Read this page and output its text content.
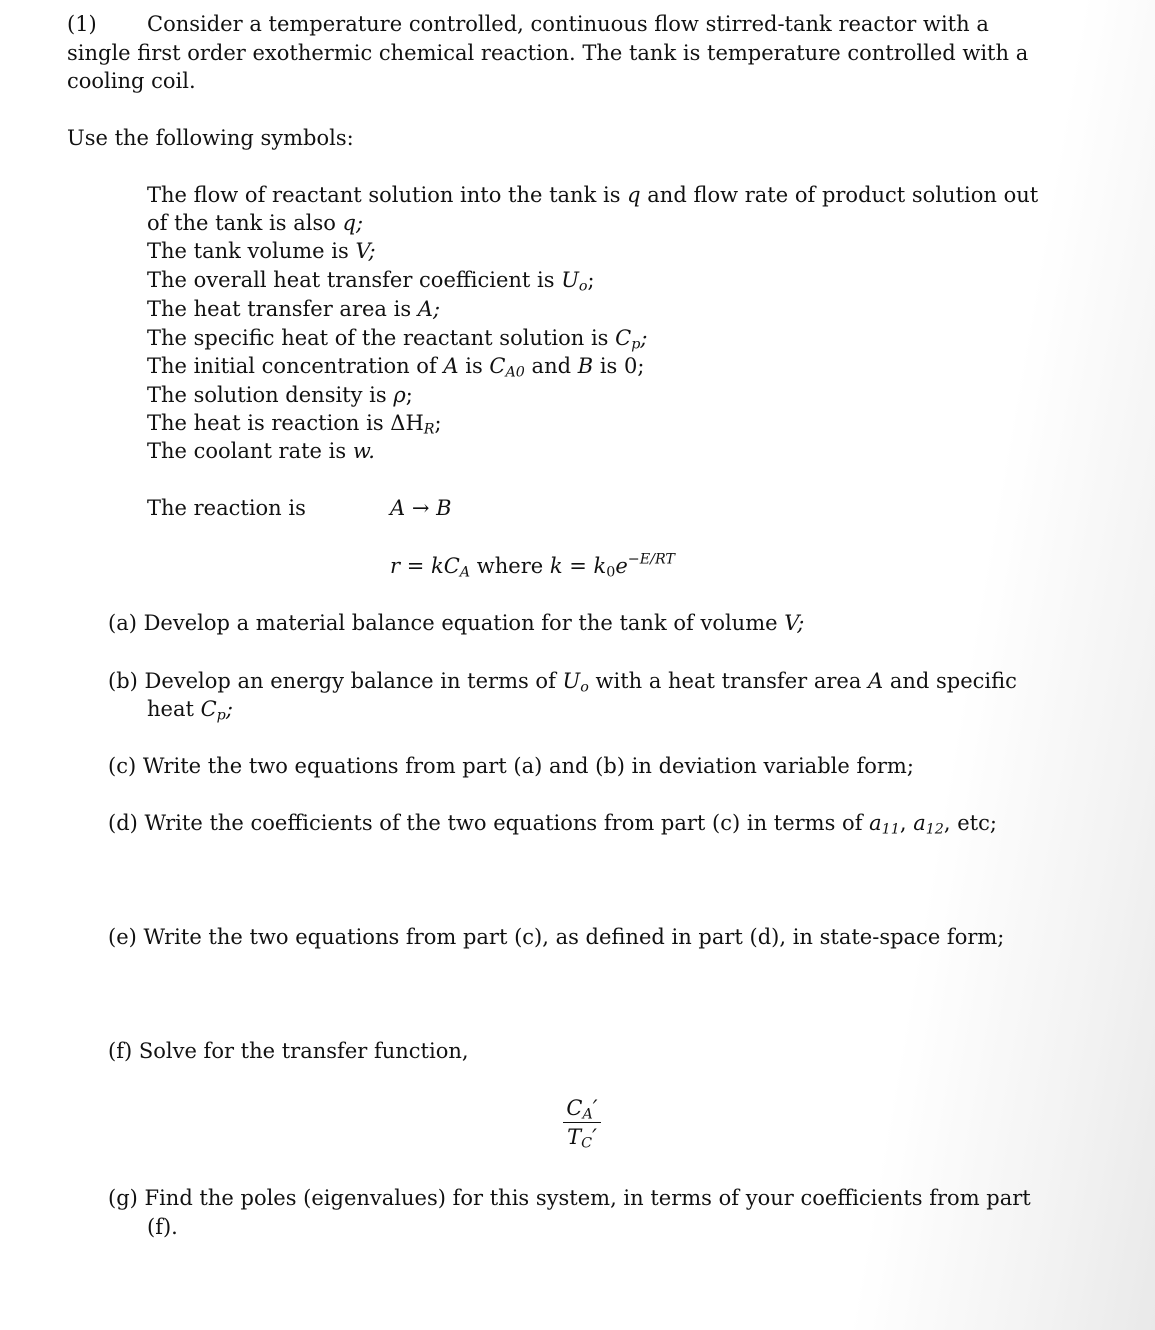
(1) Consider a temperature controlled, continuous flow stirred-tank reactor with a
single first order exothermic chemical reaction. The tank is temperature controlled with a
cooling coil.
Use the following symbols:
The flow of reactant solution into the tank is q and flow rate of product solution out
of the tank is also q;
The tank volume is V;
The overall heat transfer coefficient is $U_o$;
The heat transfer area is A;
The specific heat of the reactant solution is $C_p$;
The initial concentration of A is $C_{A0}$ and B is 0;
The solution density is ρ;
The heat is reaction is $\Delta H_R$;
The coolant rate is w.
The reaction is	A → B
$r = kC_A$ where $k = k_0e^{-E/RT}$
(a) Develop a material balance equation for the tank of volume V;
(b) Develop an energy balance in terms of $U_o$ with a heat transfer area A and specific
heat $C_p$;
(c) Write the two equations from part (a) and (b) in deviation variable form;
(d) Write the coefficients of the two equations from part (c) in terms of $a_{11}$, $a_{12}$, etc;
(e) Write the two equations from part (c), as defined in part (d), in state-space form;
(f) Solve for the transfer function,
$C_A'$
$T_C'$
(g) Find the poles (eigenvalues) for this system, in terms of your coefficients from part
(f).
